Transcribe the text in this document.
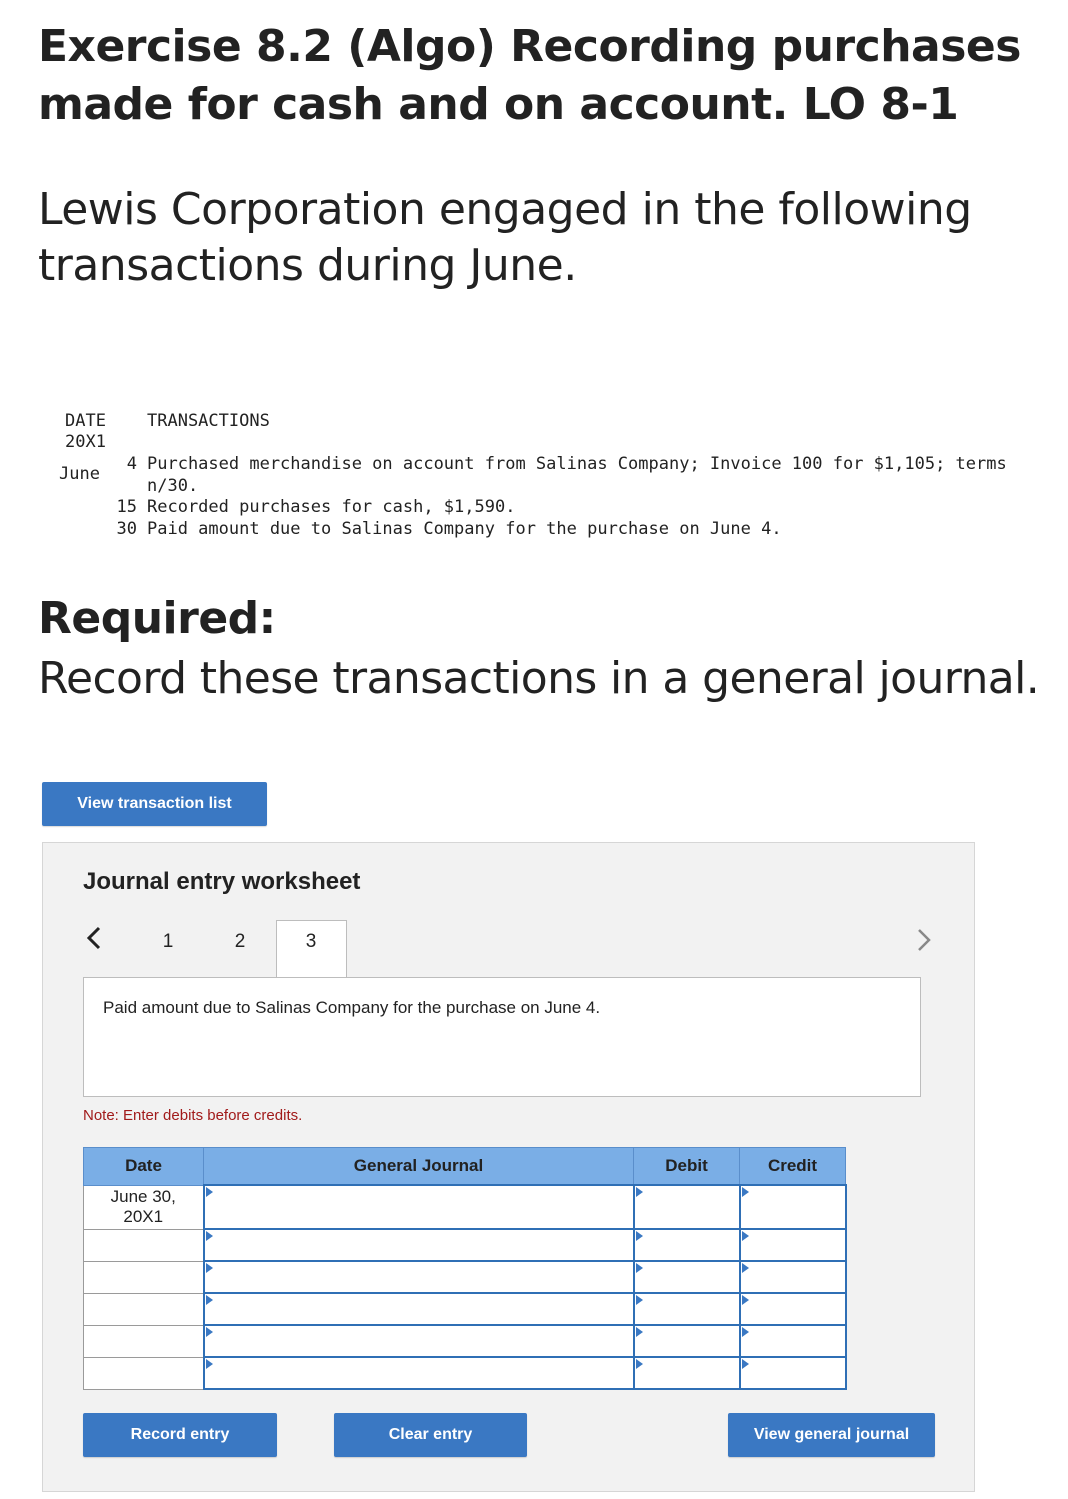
Exercise 8.2 (Algo) Recording purchases made for cash and on account. LO 8-1

Lewis Corporation engaged in the following transactions during June.

DATE TRANSACTIONS
20X1
June	4 Purchased merchandise on account from Salinas Company; Invoice 100 for $1,105; terms
n/30.
15 Recorded purchases for cash, $1,590.
30 Paid amount due to Salinas Company for the purchase on June 4.
Required:

Record these transactions in a general journal.

View transaction list
Journal entry worksheet
1	2	3
Paid amount due to Salinas Company for the purchase on June 4.
Note: Enter debits before credits.
Date	General Journal	Debit	Credit

June 30,
20X1			

Record entry	Clear entry	View general journal
